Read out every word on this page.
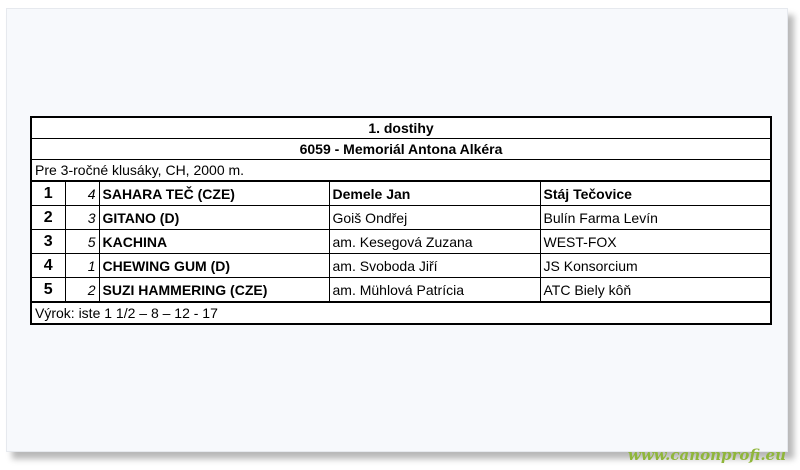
1. dostihy				
6059 - Memoriál Antona Alkéra				
Pre 3-ročné klusáky, CH, 2000 m.				
1	4	SAHARA TEČ (CZE)	Demele Jan	Stáj Tečovice
2	3	GITANO (D)	Goiš Ondřej	Bulín Farma Levín
3	5	KACHINA	am. Kesegová Zuzana	WEST-FOX
4	1	CHEWING GUM (D)	am. Svoboda Jiří	JS Konsorcium
5	2	SUZI HAMMERING (CZE)	am. Mühlová Patrícia	ATC Biely kôň
Výrok: iste 1 1/2 – 8 – 12 - 17				
www.canonprofi.eu
